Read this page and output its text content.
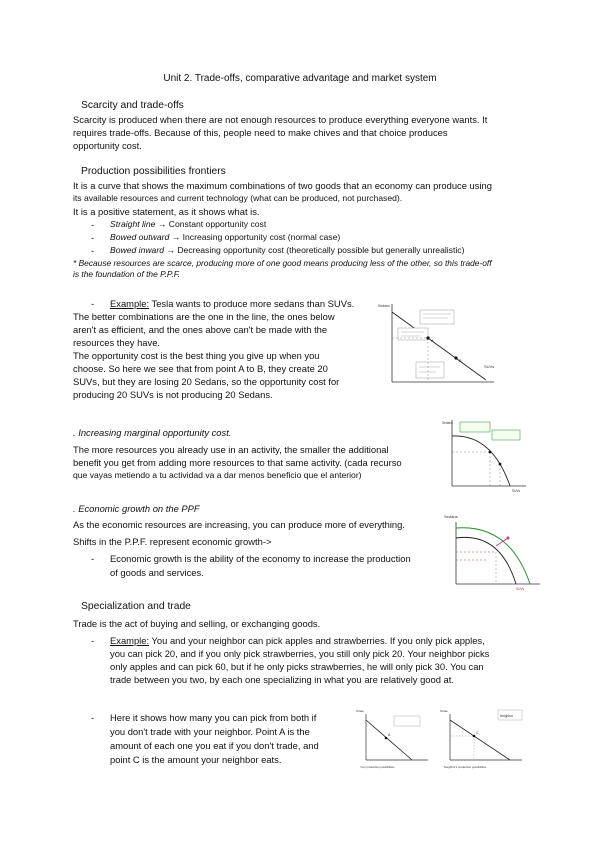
Unit 2. Trade-offs, comparative advantage and market system
Scarcity and trade-offs
Scarcity is produced when there are not enough resources to produce everything everyone wants. It
requires trade-offs. Because of this, people need to make chives and that choice produces
opportunity cost.
Production possibilities frontiers
It is a curve that shows the maximum combinations of two goods that an economy can produce using
its available resources and current technology (what can be produced, not purchased).
It is a positive statement, as it shows what is.
- Straight line → Constant opportunity cost
- Bowed outward → Increasing opportunity cost (normal case)
- Bowed inward → Decreasing opportunity cost (theoretically possible but generally unrealistic)
* Because resources are scarce, producing more of one good means producing less of the other, so this trade-off
is the foundation of the P.P.F.
- Example: Tesla wants to produce more sedans than SUVs.
The better combinations are the one in the line, the ones below
aren't as efficient, and the ones above can't be made with the
resources they have.
The opportunity cost is the best thing you give up when you
choose. So here we see that from point A to B, they create 20
SUVs, but they are losing 20 Sedans, so the opportunity cost for
producing 20 SUVs is not producing 20 Sedans.
A
B
Sedans
SUVs
. Increasing marginal opportunity cost.
The more resources you already use in an activity, the smaller the additional
benefit you get from adding more resources to that same activity. (cada recurso
que vayas metiendo a tu actividad va a dar menos beneficio que el anterior)
Sedans
SUVs
. Economic growth on the PPF
As the economic resources are increasing, you can produce more of everything.
Shifts in the P.P.F. represent economic growth->
- Economic growth is the ability of the economy to increase the production
of goods and services.
Sedans
SUVs
Specialization and trade
Trade is the act of buying and selling, or exchanging goods.
- Example: You and your neighbor can pick apples and strawberries. If you only pick apples,
you can pick 20, and if you only pick strawberries, you still only pick 20. Your neighbor picks
only apples and can pick 60, but if he only picks strawberries, he will only pick 30. You can
trade between you two, by each one specializing in what you are relatively good at.
- Here it shows how many you can pick from both if
you don't trade with your neighbor. Point A is the
amount of each one you eat if you don't trade, and
point C is the amount your neighbor eats.
A
Straw.
Your production possibilities
Neighbor
C
Straw.
Neighbor's production possibilities
